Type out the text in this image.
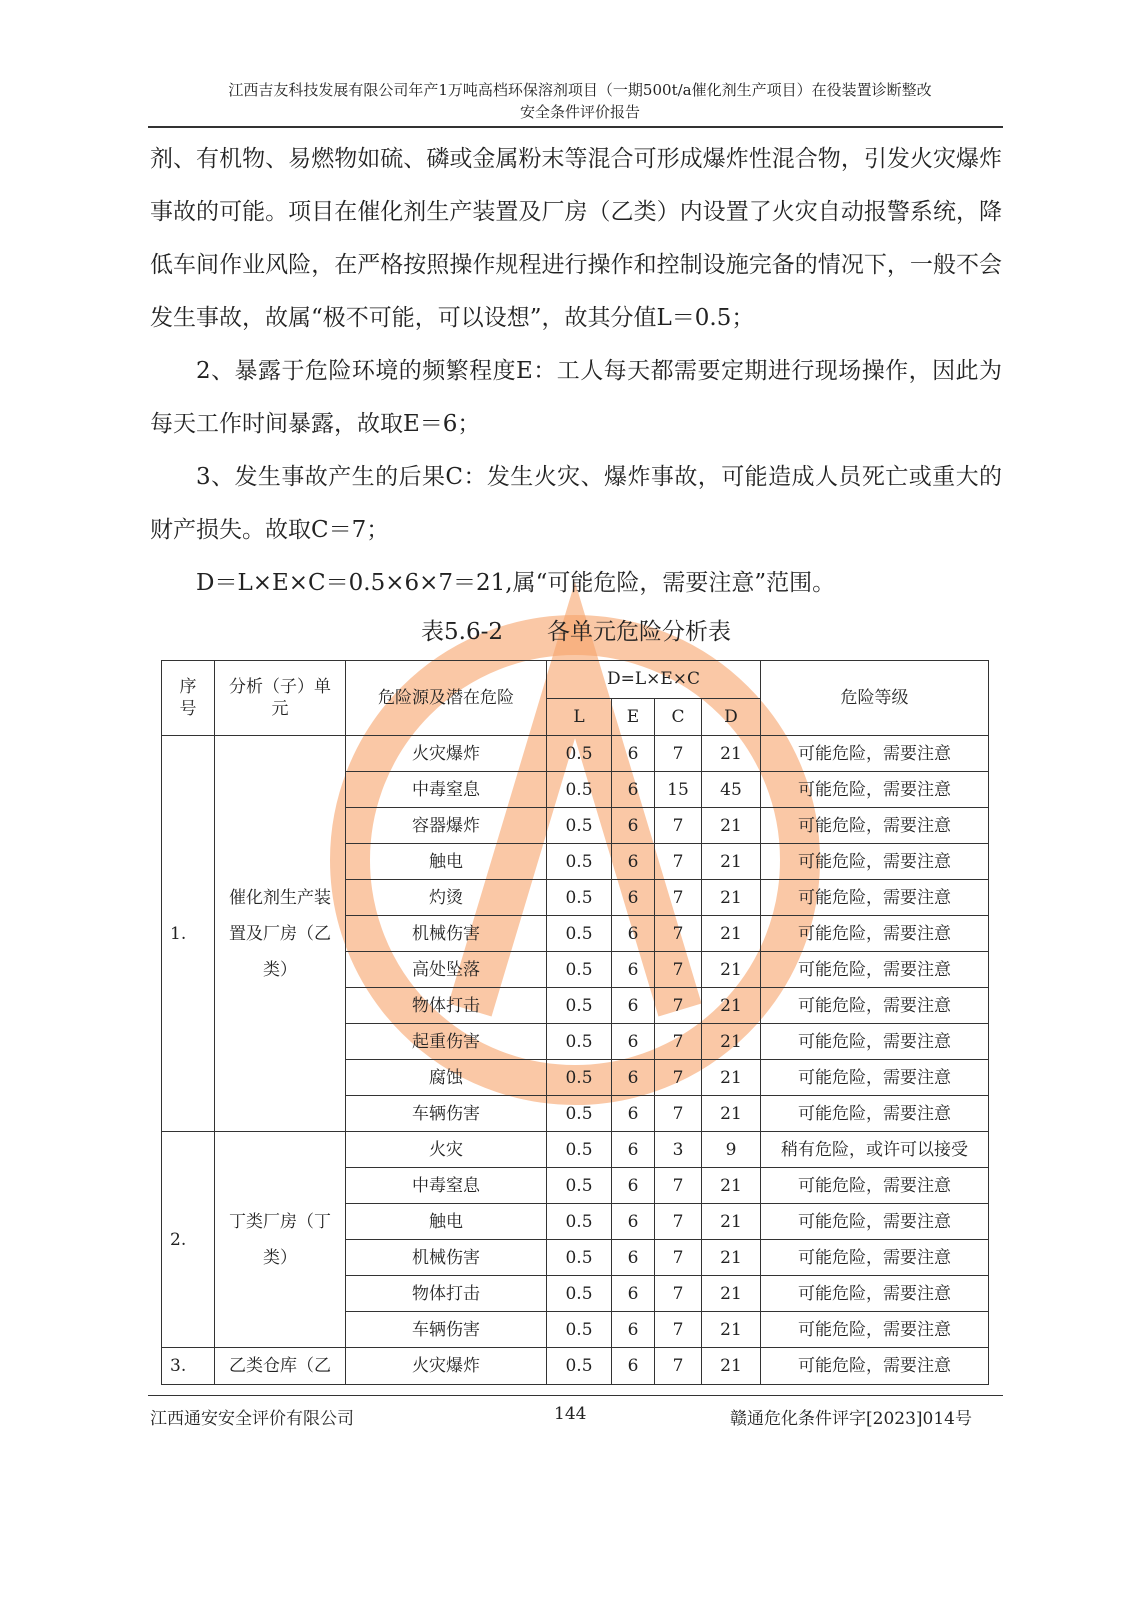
江西吉友科技发展有限公司年产1万吨高档环保溶剂项目（一期500t/a催化剂生产项目）在役装置诊断整改
安全条件评价报告

剂、有机物、易燃物如硫、磷或金属粉末等混合可形成爆炸性混合物，引发火灾爆炸事故的可能。项目在催化剂生产装置及厂房（乙类）内设置了火灾自动报警系统，降低车间作业风险，在严格按照操作规程进行操作和控制设施完备的情况下，一般不会发生事故，故属“极不可能，可以设想”，故其分值L＝0.5；

2、暴露于危险环境的频繁程度E：工人每天都需要定期进行现场操作，因此为每天工作时间暴露，故取E＝6；

3、发生事故产生的后果C：发生火灾、爆炸事故，可能造成人员死亡或重大的财产损失。故取C＝7；

D＝L×E×C＝0.5×6×7＝21,属“可能危险，需要注意”范围。

表5.6-2 各单元危险分析表
序号	分析（子）单元	危险源及潜在危险	D=L×E×C				危险等级
			L	E	C	D	
1.	催化剂生产装置及厂房（乙类）	火灾爆炸	0.5	6	7	21	可能危险，需要注意
		中毒窒息	0.5	6	15	45	可能危险，需要注意
		容器爆炸	0.5	6	7	21	可能危险，需要注意
		触电	0.5	6	7	21	可能危险，需要注意
		灼烫	0.5	6	7	21	可能危险，需要注意
		机械伤害	0.5	6	7	21	可能危险，需要注意
		高处坠落	0.5	6	7	21	可能危险，需要注意
		物体打击	0.5	6	7	21	可能危险，需要注意
		起重伤害	0.5	6	7	21	可能危险，需要注意
		腐蚀	0.5	6	7	21	可能危险，需要注意
		车辆伤害	0.5	6	7	21	可能危险，需要注意
2.	丁类厂房（丁类）	火灾	0.5	6	3	9	稍有危险，或许可以接受
		中毒窒息	0.5	6	7	21	可能危险，需要注意
		触电	0.5	6	7	21	可能危险，需要注意
		机械伤害	0.5	6	7	21	可能危险，需要注意
		物体打击	0.5	6	7	21	可能危险，需要注意
		车辆伤害	0.5	6	7	21	可能危险，需要注意
3.	乙类仓库（乙	火灾爆炸	0.5	6	7	21	可能危险，需要注意
江西通安安全评价有限公司	144	赣通危化条件评字[2023]014号
